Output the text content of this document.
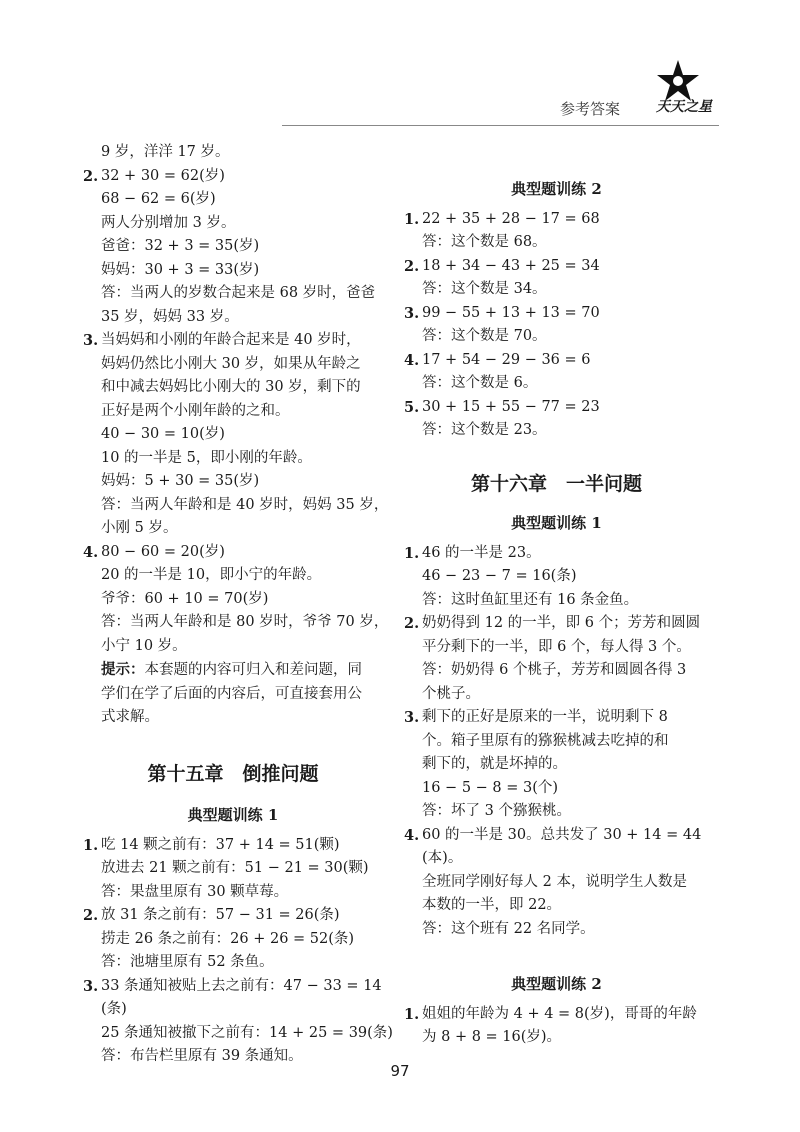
参考答案	天天之星
9 岁，洋洋 17 岁。
2. 32 + 30 = 62(岁)
68 − 62 = 6(岁)
两人分别增加 3 岁。
爸爸：32 + 3 = 35(岁)
妈妈：30 + 3 = 33(岁)
答：当两人的岁数合起来是 68 岁时，爸爸
35 岁，妈妈 33 岁。
3. 当妈妈和小刚的年龄合起来是 40 岁时，
妈妈仍然比小刚大 30 岁，如果从年龄之
和中减去妈妈比小刚大的 30 岁，剩下的
正好是两个小刚年龄的之和。
40 − 30 = 10(岁)
10 的一半是 5，即小刚的年龄。
妈妈：5 + 30 = 35(岁)
答：当两人年龄和是 40 岁时，妈妈 35 岁，
小刚 5 岁。
4. 80 − 60 = 20(岁)
20 的一半是 10，即小宁的年龄。
爷爷：60 + 10 = 70(岁)
答：当两人年龄和是 80 岁时，爷爷 70 岁，
小宁 10 岁。
提示：本套题的内容可归入和差问题，同
学们在学了后面的内容后，可直接套用公
式求解。
第十五章　倒推问题
典型题训练 1
1. 吃 14 颗之前有：37 + 14 = 51(颗)
放进去 21 颗之前有：51 − 21 = 30(颗)
答：果盘里原有 30 颗草莓。
2. 放 31 条之前有：57 − 31 = 26(条)
捞走 26 条之前有：26 + 26 = 52(条)
答：池塘里原有 52 条鱼。
3. 33 条通知被贴上去之前有：47 − 33 = 14
(条)
25 条通知被撤下之前有：14 + 25 = 39(条)
答：布告栏里原有 39 条通知。
典型题训练 2
1. 22 + 35 + 28 − 17 = 68
答：这个数是 68。
2. 18 + 34 − 43 + 25 = 34
答：这个数是 34。
3. 99 − 55 + 13 + 13 = 70
答：这个数是 70。
4. 17 + 54 − 29 − 36 = 6
答：这个数是 6。
5. 30 + 15 + 55 − 77 = 23
答：这个数是 23。
第十六章　一半问题
典型题训练 1
1. 46 的一半是 23。
46 − 23 − 7 = 16(条)
答：这时鱼缸里还有 16 条金鱼。
2. 奶奶得到 12 的一半，即 6 个；芳芳和圆圆
平分剩下的一半，即 6 个，每人得 3 个。
答：奶奶得 6 个桃子，芳芳和圆圆各得 3
个桃子。
3. 剩下的正好是原来的一半，说明剩下 8
个。箱子里原有的猕猴桃减去吃掉的和
剩下的，就是坏掉的。
16 − 5 − 8 = 3(个)
答：坏了 3 个猕猴桃。
4. 60 的一半是 30。总共发了 30 + 14 = 44
(本)。
全班同学刚好每人 2 本，说明学生人数是
本数的一半，即 22。
答：这个班有 22 名同学。
典型题训练 2
1. 姐姐的年龄为 4 + 4 = 8(岁)，哥哥的年龄
为 8 + 8 = 16(岁)。
97
